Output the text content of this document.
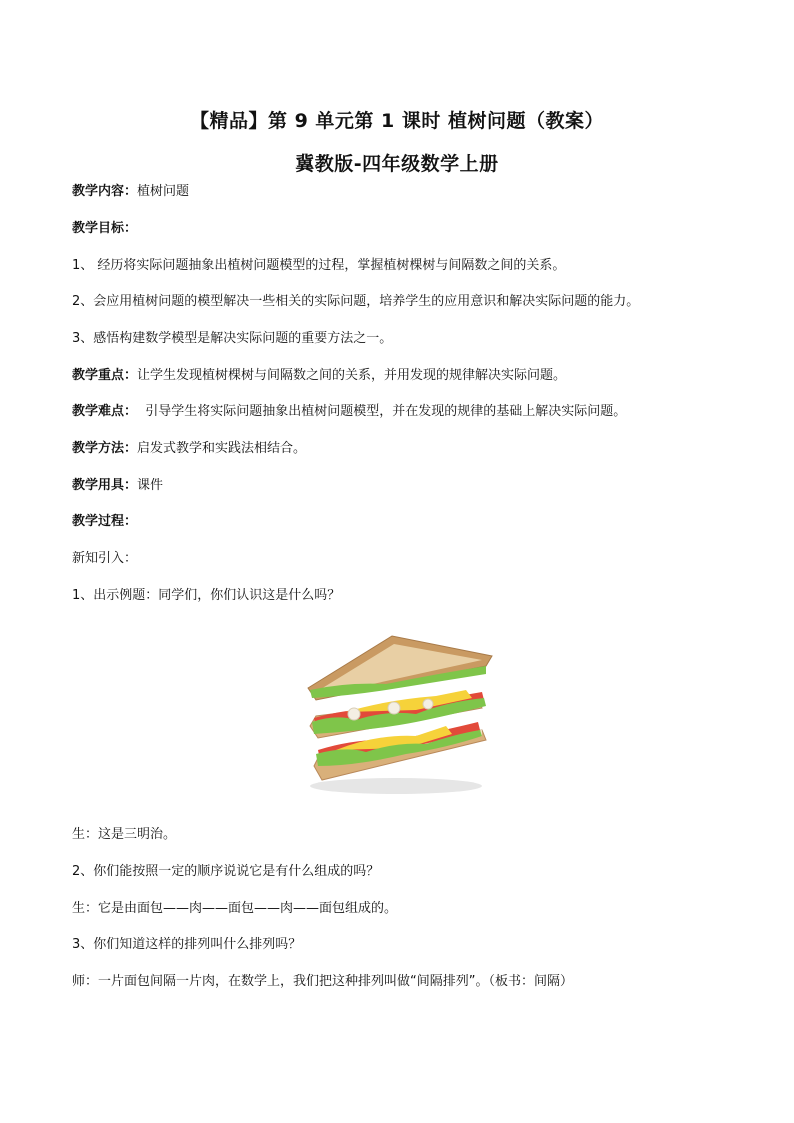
【精品】第 9 单元第 1 课时 植树问题（教案）
冀教版-四年级数学上册
教学内容：植树问题
教学目标：
1、 经历将实际问题抽象出植树问题模型的过程，掌握植树棵树与间隔数之间的关系。
2、会应用植树问题的模型解决一些相关的实际问题，培养学生的应用意识和解决实际问题的能力。
3、感悟构建数学模型是解决实际问题的重要方法之一。
教学重点：让学生发现植树棵树与间隔数之间的关系，并用发现的规律解决实际问题。
教学难点：  引导学生将实际问题抽象出植树问题模型，并在发现的规律的基础上解决实际问题。
教学方法：启发式教学和实践法相结合。
教学用具：课件
教学过程：
新知引入：
1、出示例题：同学们，你们认识这是什么吗？
生：这是三明治。
2、你们能按照一定的顺序说说它是有什么组成的吗？
生：它是由面包——肉——面包——肉——面包组成的。
3、你们知道这样的排列叫什么排列吗？
师：一片面包间隔一片肉，在数学上，我们把这种排列叫做“间隔排列”。（板书：间隔）
